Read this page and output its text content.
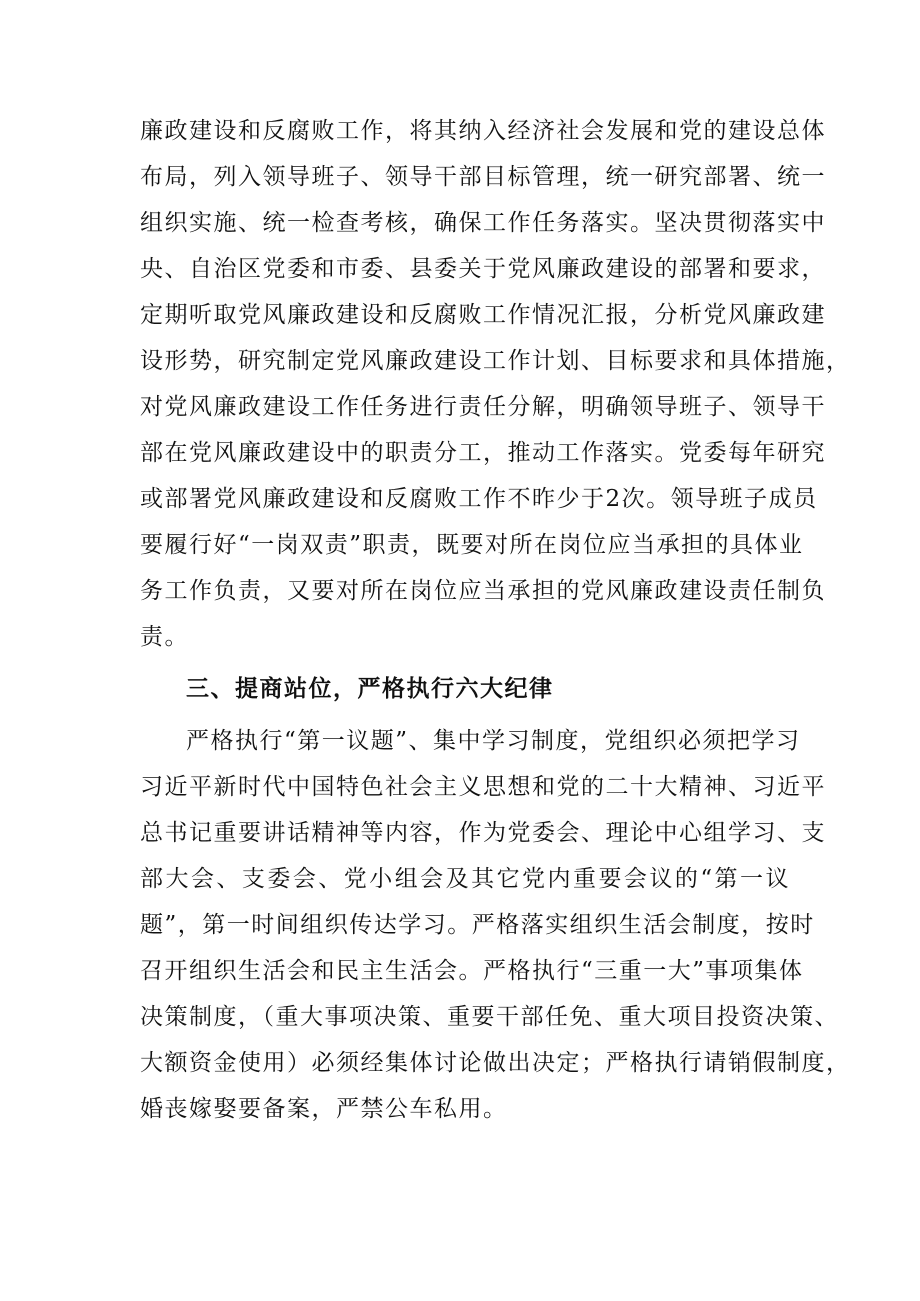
廉政建设和反腐败工作，将其纳入经济社会发展和党的建设总体
布局，列入领导班子、领导干部目标管理，统一研究部署、统一
组织实施、统一检查考核，确保工作任务落实。坚决贯彻落实中
央、自治区党委和市委、县委关于党风廉政建设的部署和要求，
定期听取党风廉政建设和反腐败工作情况汇报，分析党风廉政建
设形势，研究制定党风廉政建设工作计划、目标要求和具体措施，
对党风廉政建设工作任务进行责任分解，明确领导班子、领导干
部在党风廉政建设中的职责分工，推动工作落实。党委每年研究
或部署党风廉政建设和反腐败工作不昨少于2次。领导班子成员
要履行好“一岗双责”职责，既要对所在岗位应当承担的具体业
务工作负责，又要对所在岗位应当承担的党风廉政建设责任制负
责。
三、提商站位，严格执行六大纪律
严格执行“第一议题”、集中学习制度，党组织必须把学习
习近平新时代中国特色社会主义思想和党的二十大精神、习近平
总书记重要讲话精神等内容，作为党委会、理论中心组学习、支
部大会、支委会、党小组会及其它党内重要会议的“第一议
题”，第一时间组织传达学习。严格落实组织生活会制度，按时
召开组织生活会和民主生活会。严格执行“三重一大”事项集体
决策制度，（重大事项决策、重要干部任免、重大项目投资决策、
大额资金使用）必须经集体讨论做出决定；严格执行请销假制度，
婚丧嫁娶要备案，严禁公车私用。
